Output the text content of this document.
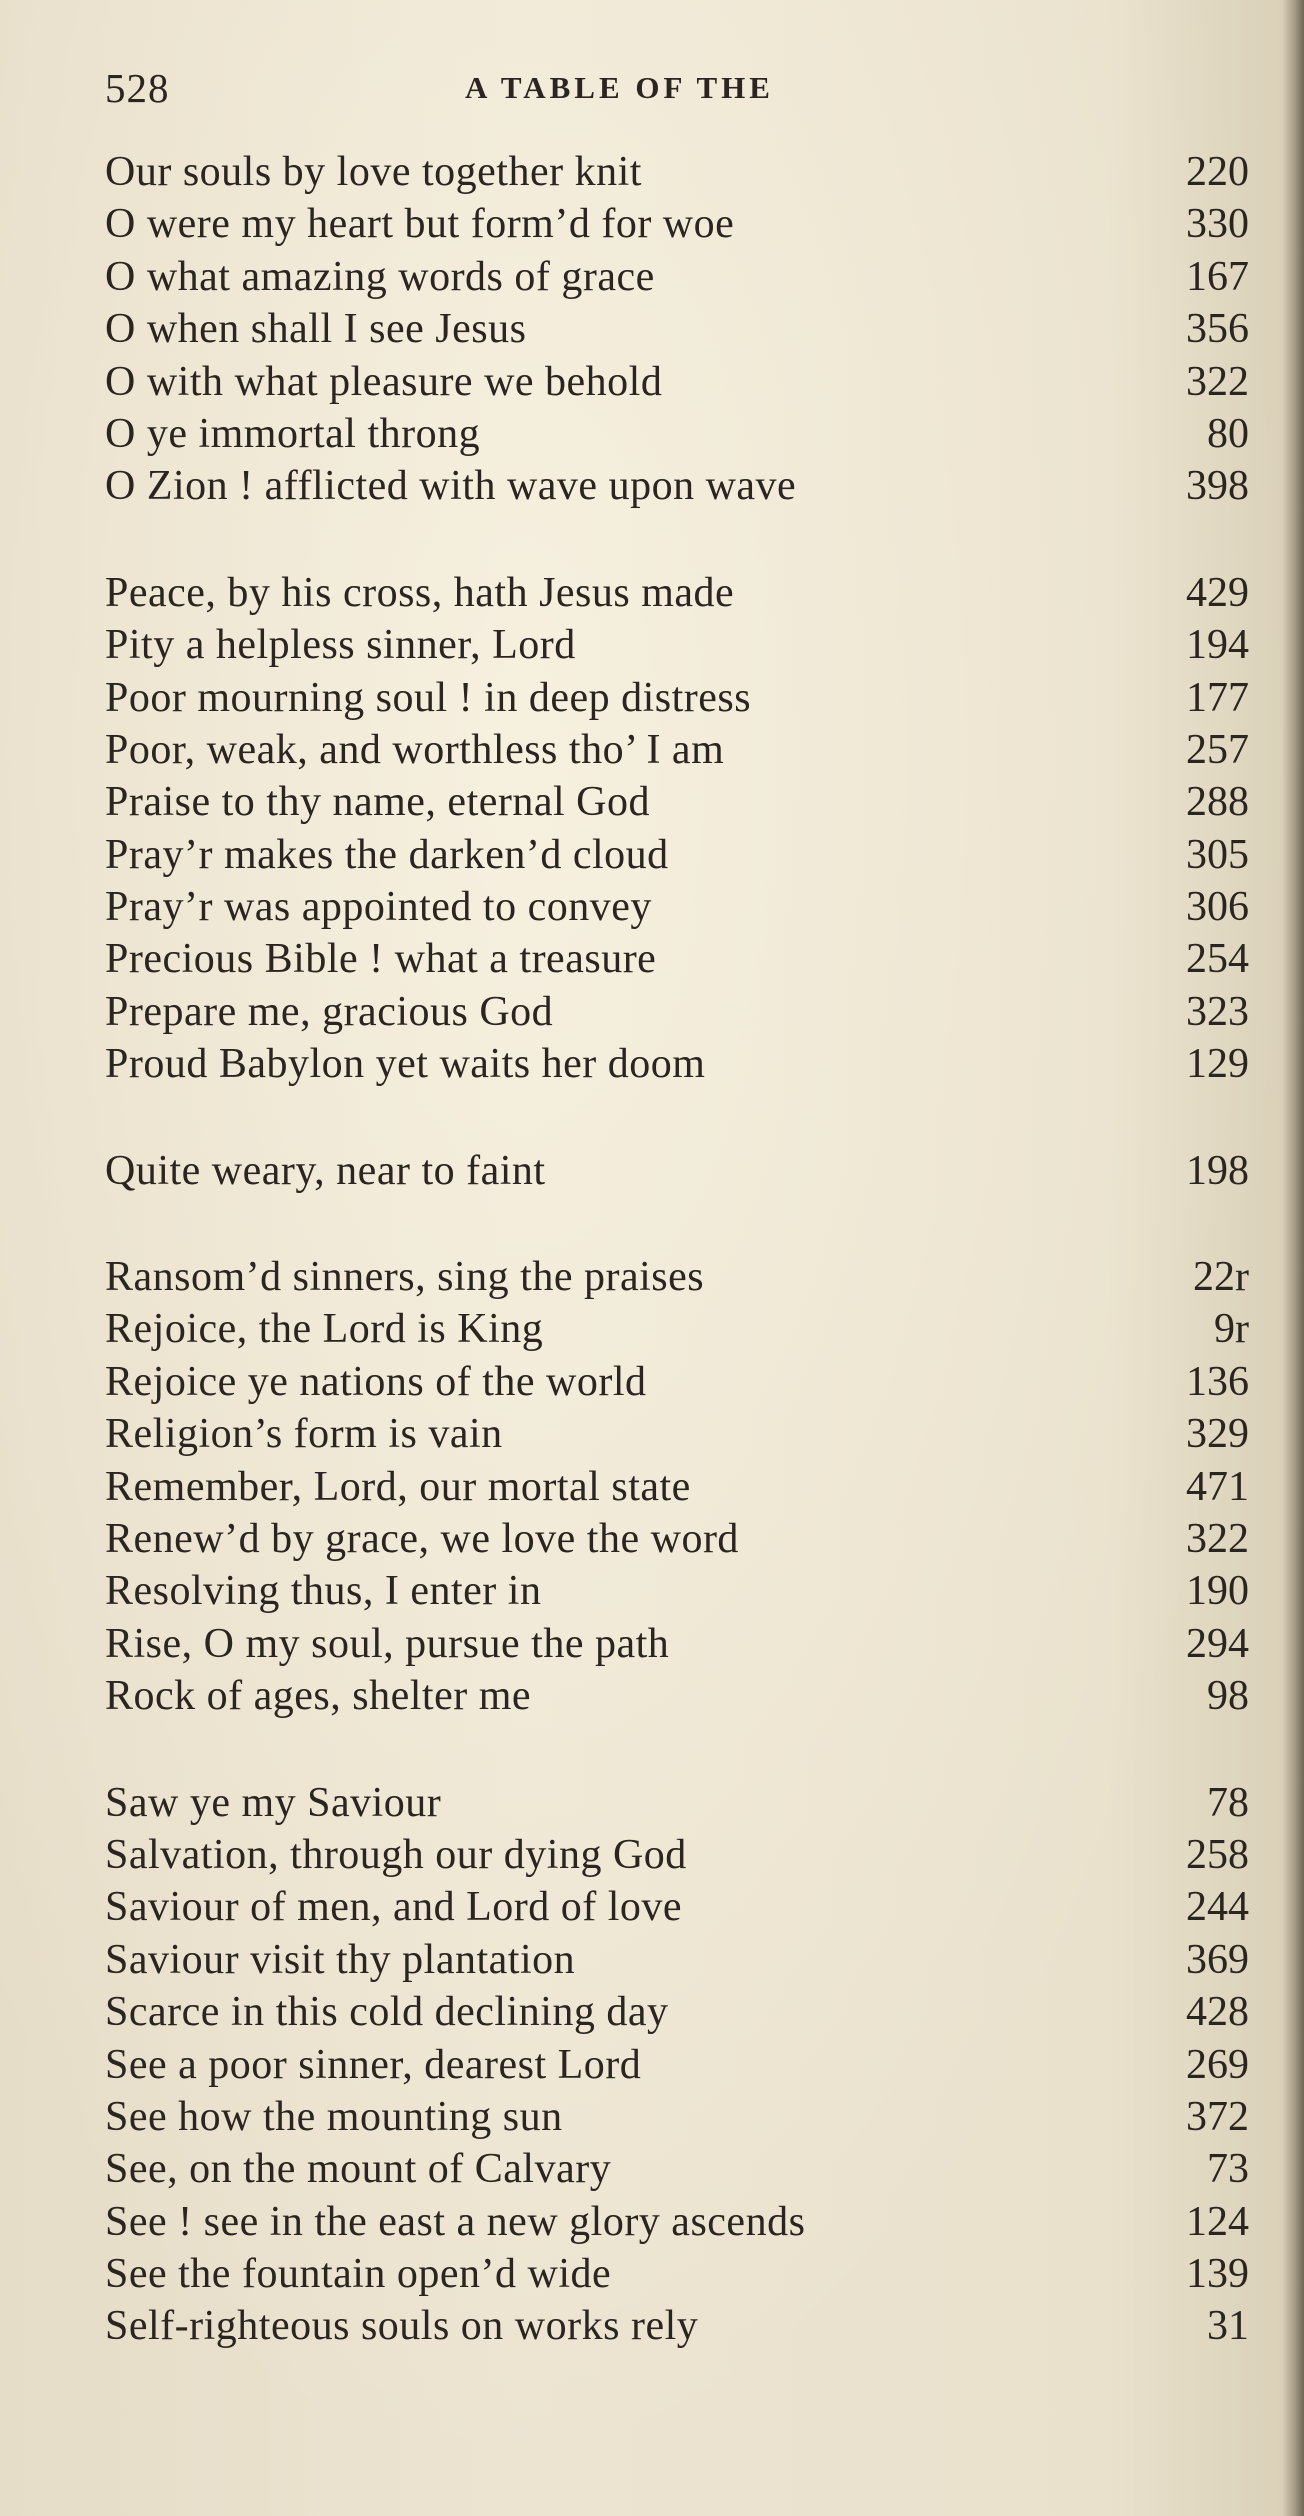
528	A TABLE OF THE
Our souls by love together knit	220
O were my heart but form’d for woe	330
O what amazing words of grace	167
O when shall I see Jesus	356
O with what pleasure we behold	322
O ye immortal throng	80
O Zion ! afflicted with wave upon wave	398
Peace, by his cross, hath Jesus made	429
Pity a helpless sinner, Lord	194
Poor mourning soul ! in deep distress	177
Poor, weak, and worthless tho’ I am	257
Praise to thy name, eternal God	288
Pray’r makes the darken’d cloud	305
Pray’r was appointed to convey	306
Precious Bible ! what a treasure	254
Prepare me, gracious God	323
Proud Babylon yet waits her doom	129
Quite weary, near to faint	198
Ransom’d sinners, sing the praises	22r
Rejoice, the Lord is King	9r
Rejoice ye nations of the world	136
Religion’s form is vain	329
Remember, Lord, our mortal state	471
Renew’d by grace, we love the word	322
Resolving thus, I enter in	190
Rise, O my soul, pursue the path	294
Rock of ages, shelter me	98
Saw ye my Saviour	78
Salvation, through our dying God	258
Saviour of men, and Lord of love	244
Saviour visit thy plantation	369
Scarce in this cold declining day	428
See a poor sinner, dearest Lord	269
See how the mounting sun	372
See, on the mount of Calvary	73
See ! see in the east a new glory ascends	124
See the fountain open’d wide	139
Self-righteous souls on works rely	31
